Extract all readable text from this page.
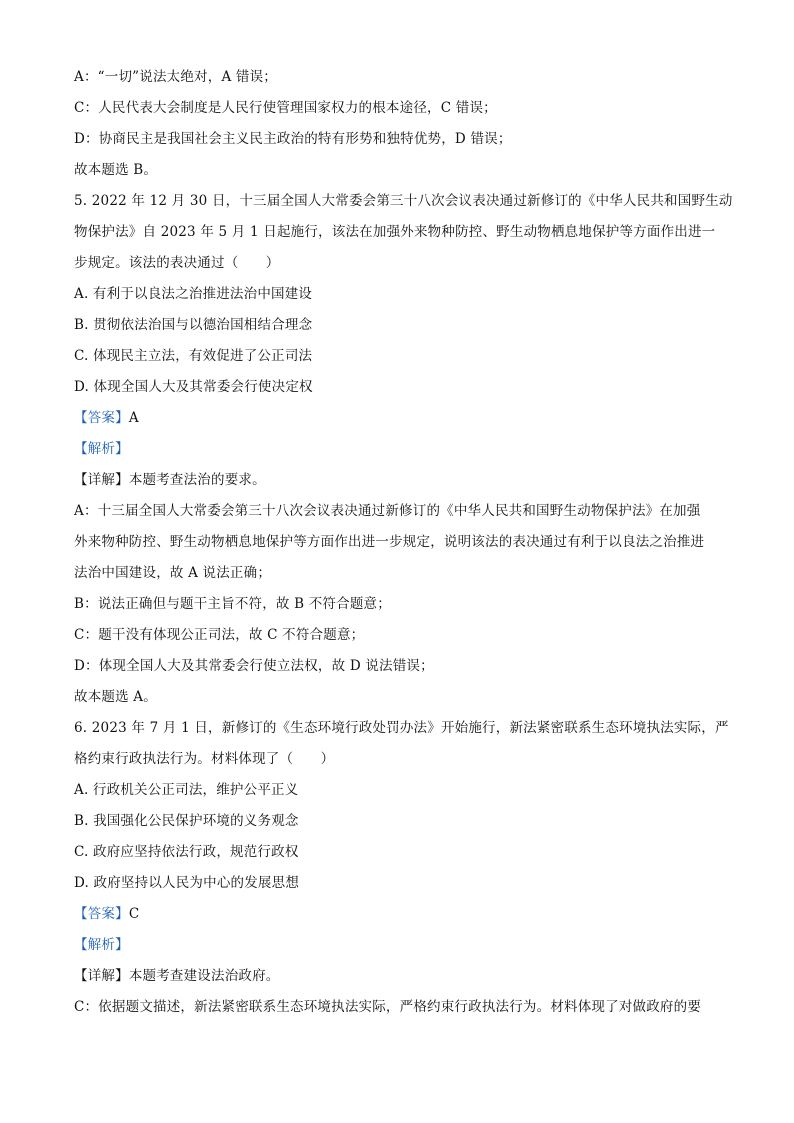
A：“一切”说法太绝对，A 错误；
C：人民代表大会制度是人民行使管理国家权力的根本途径，C 错误；
D：协商民主是我国社会主义民主政治的特有形势和独特优势，D 错误；
故本题选 B。
5. 2022 年 12 月 30 日，十三届全国人大常委会第三十八次会议表决通过新修订的《中华人民共和国野生动
物保护法》自 2023 年 5 月 1 日起施行，该法在加强外来物种防控、野生动物栖息地保护等方面作出进一
步规定。该法的表决通过（　　）
A. 有利于以良法之治推进法治中国建设
B. 贯彻依法治国与以德治国相结合理念
C. 体现民主立法，有效促进了公正司法
D. 体现全国人大及其常委会行使决定权
【答案】A
【解析】
【详解】本题考查法治的要求。
A：十三届全国人大常委会第三十八次会议表决通过新修订的《中华人民共和国野生动物保护法》在加强
外来物种防控、野生动物栖息地保护等方面作出进一步规定，说明该法的表决通过有利于以良法之治推进
法治中国建设，故 A 说法正确；
B：说法正确但与题干主旨不符，故 B 不符合题意；
C：题干没有体现公正司法，故 C 不符合题意；
D：体现全国人大及其常委会行使立法权，故 D 说法错误；
故本题选 A。
6. 2023 年 7 月 1 日，新修订的《生态环境行政处罚办法》开始施行，新法紧密联系生态环境执法实际，严
格约束行政执法行为。材料体现了（　　）
A. 行政机关公正司法，维护公平正义
B. 我国强化公民保护环境的义务观念
C. 政府应坚持依法行政，规范行政权
D. 政府坚持以人民为中心的发展思想
【答案】C
【解析】
【详解】本题考查建设法治政府。
C：依据题文描述，新法紧密联系生态环境执法实际，严格约束行政执法行为。材料体现了对做政府的要
